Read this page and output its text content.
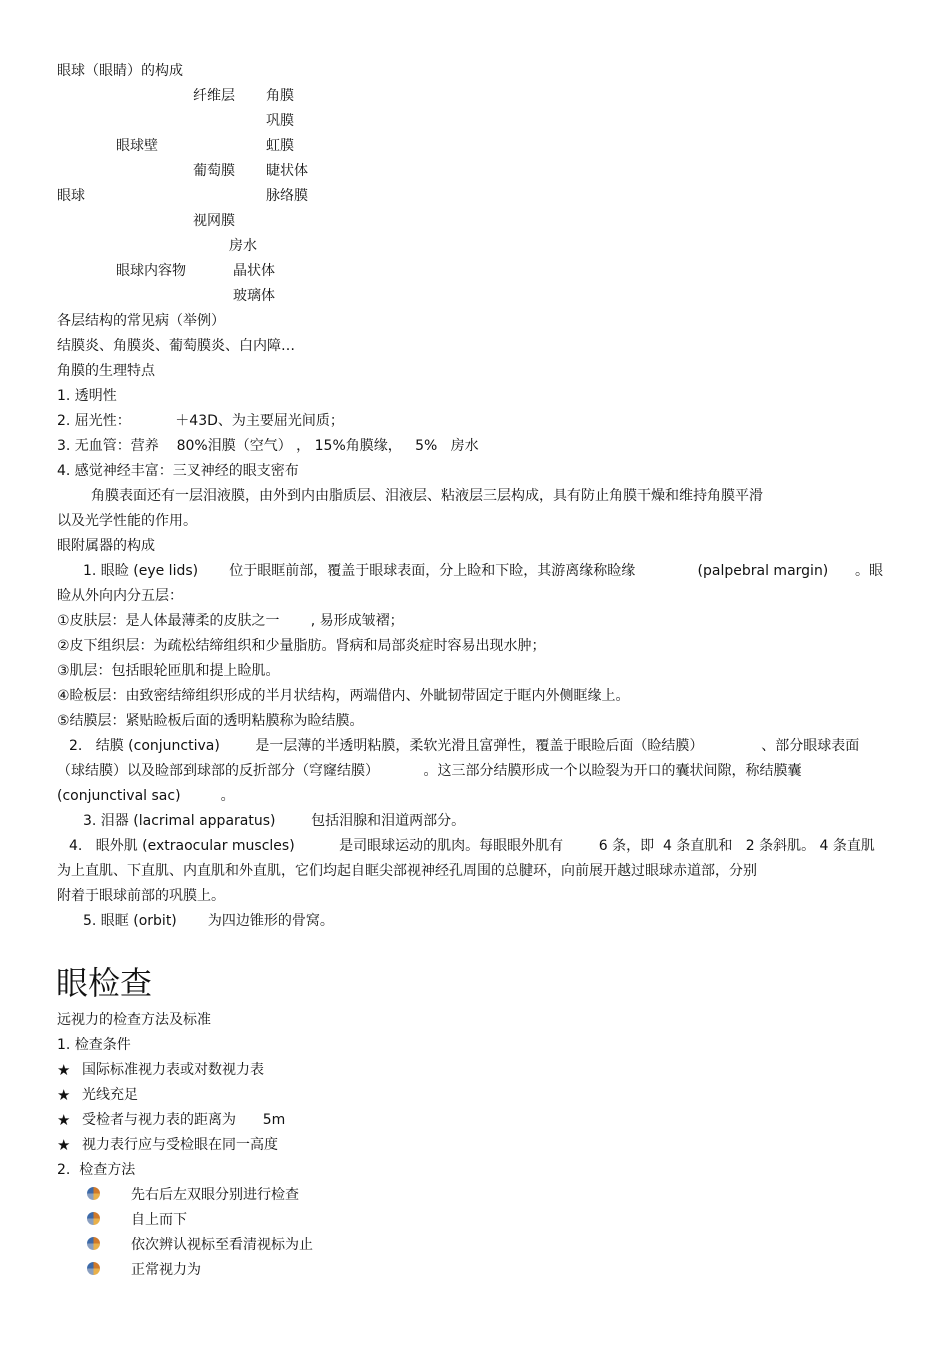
眼球（眼睛）的构成
纤维层 角膜
巩膜
眼球壁	虹膜
葡萄膜 睫状体
眼球	脉络膜
视网膜
房水
眼球内容物	晶状体
玻璃体
各层结构的常见病（举例）
结膜炎、角膜炎、葡萄膜炎、白内障…
角膜的生理特点
1. 透明性
2. 屈光性：          ＋43D、为主要屈光间质；
3. 无血管：营养    80%泪膜（空气） ， 15%角膜缘，   5%   房水
4. 感觉神经丰富：三叉神经的眼支密布
角膜表面还有一层泪液膜，由外到内由脂质层、泪液层、粘液层三层构成，具有防止角膜干燥和维持角膜平滑
以及光学性能的作用。
眼附属器的构成
1. 眼睑 (eye lids)       位于眼眶前部，覆盖于眼球表面，分上睑和下睑，其游离缘称睑缘              (palpebral margin)      。眼
睑从外向内分五层：
①皮肤层：是人体最薄柔的皮肤之一       , 易形成皱褶；
②皮下组织层：为疏松结缔组织和少量脂肪。肾病和局部炎症时容易出现水肿；
③肌层：包括眼轮匝肌和提上睑肌。
④睑板层：由致密结缔组织形成的半月状结构，两端借内、外眦韧带固定于眶内外侧眶缘上。
⑤结膜层：紧贴睑板后面的透明粘膜称为睑结膜。
2.   结膜 (conjunctiva)        是一层薄的半透明粘膜，柔软光滑且富弹性，覆盖于眼睑后面（睑结膜）             、部分眼球表面
（球结膜）以及睑部到球部的反折部分（穹窿结膜）          。这三部分结膜形成一个以睑裂为开口的囊状间隙，称结膜囊
(conjunctival sac)         。
3. 泪器 (lacrimal apparatus)        包括泪腺和泪道两部分。
4.   眼外肌 (extraocular muscles)          是司眼球运动的肌肉。每眼眼外肌有        6 条，即  4 条直肌和   2 条斜肌。 4 条直肌
为上直肌、下直肌、内直肌和外直肌，它们均起自眶尖部视神经孔周围的总腱环，向前展开越过眼球赤道部，分别
附着于眼球前部的巩膜上。
5. 眼眶 (orbit)       为四边锥形的骨窝。
眼检查
远视力的检查方法及标准
1. 检查条件
★ 国际标准视力表或对数视力表
★ 光线充足
★ 受检者与视力表的距离为      5m
★ 视力表行应与受检眼在同一高度
2.  检查方法
先右后左双眼分别进行检查
自上而下
依次辨认视标至看清视标为止
正常视力为
